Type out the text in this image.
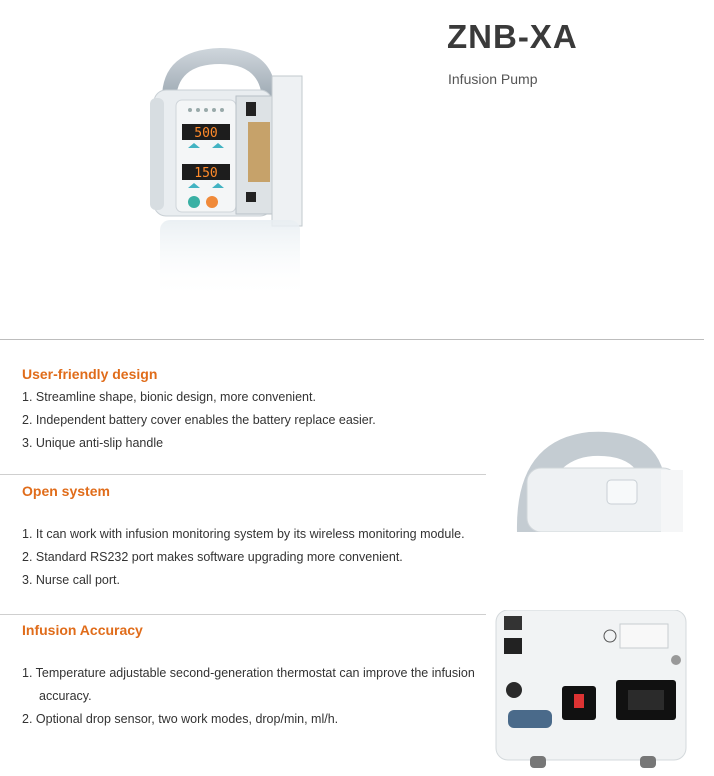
ZNB-XA
Infusion Pump
500
150
User-friendly design
1. Streamline shape, bionic design, more convenient.
2. Independent battery cover enables the battery replace easier.
3. Unique anti-slip handle
Open system
1. It can work with infusion monitoring system by its wireless monitoring module.
2. Standard RS232 port makes software upgrading more convenient.
3. Nurse call port.
Infusion Accuracy
1. Temperature adjustable second-generation thermostat can improve the infusion
accuracy.
2. Optional drop sensor, two work modes, drop/min, ml/h.
